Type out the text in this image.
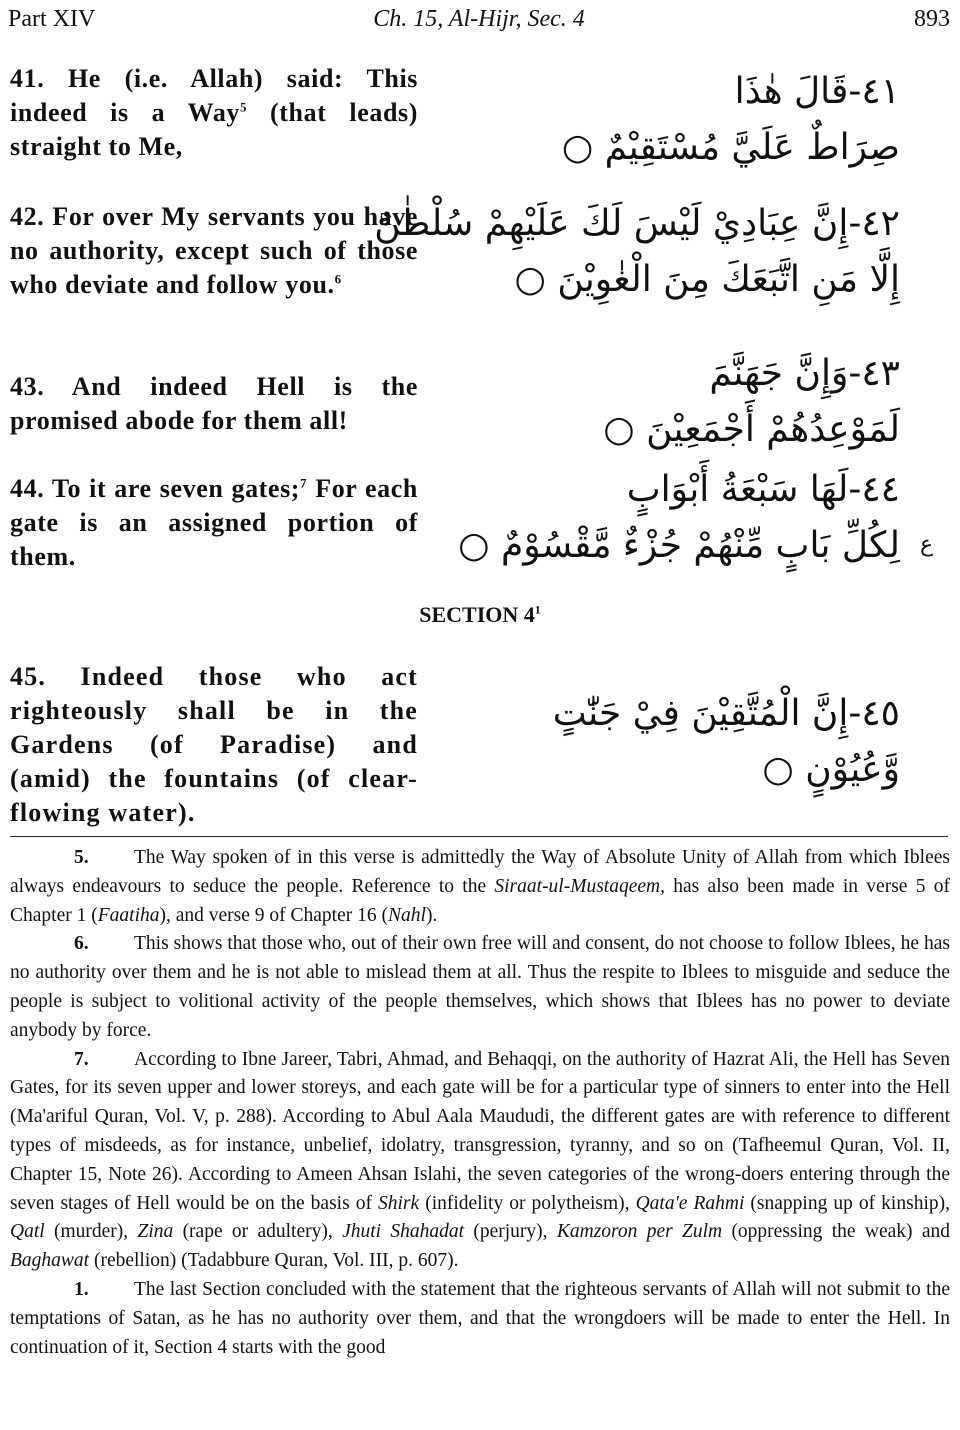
Part XIV	Ch. 15, Al-Hijr, Sec. 4	893
41. He (i.e. Allah) said: This indeed is a Way$^5$ (that leads) straight to Me,
٤١-قَالَ هٰذَا
صِرَاطٌ عَلَيَّ مُسْتَقِيْمٌ ○
42. For over My servants you have no authority, except such of those who deviate and follow you.$^6$
٤٢-إِنَّ عِبَادِيْ لَيْسَ لَكَ عَلَيْهِمْ سُلْطٰنٌ
إِلَّا مَنِ اتَّبَعَكَ مِنَ الْغٰوِيْنَ ○
43. And indeed Hell is the promised abode for them all!
٤٣-وَإِنَّ جَهَنَّمَ
لَمَوْعِدُهُمْ أَجْمَعِيْنَ ○
44. To it are seven gates;$^7$ For each gate is an assigned portion of them.
٤٤-لَهَا سَبْعَةُ أَبْوَابٍ
لِكُلِّ بَابٍ مِّنْهُمْ جُزْءٌ مَّقْسُوْمٌ ○ ع
SECTION $4^1$
45. Indeed those who act righteously shall be in the Gardens (of Paradise) and (amid) the fountains (of clear-flowing water).
٤٥-إِنَّ الْمُتَّقِيْنَ فِيْ جَنّٰتٍ
وَّعُيُوْنٍ ○

5. The Way spoken of in this verse is admittedly the Way of Absolute Unity of Allah from which Iblees always endeavours to seduce the people. Reference to the Siraat-ul-Mustaqeem, has also been made in verse 5 of Chapter 1 (Faatiha), and verse 9 of Chapter 16 (Nahl).

6. This shows that those who, out of their own free will and consent, do not choose to follow Iblees, he has no authority over them and he is not able to mislead them at all. Thus the respite to Iblees to misguide and seduce the people is subject to volitional activity of the people themselves, which shows that Iblees has no power to deviate anybody by force.

7. According to Ibne Jareer, Tabri, Ahmad, and Behaqqi, on the authority of Hazrat Ali, the Hell has Seven Gates, for its seven upper and lower storeys, and each gate will be for a particular type of sinners to enter into the Hell (Ma'ariful Quran, Vol. V, p. 288). According to Abul Aala Maududi, the different gates are with reference to different types of misdeeds, as for instance, unbelief, idolatry, transgression, tyranny, and so on (Tafheemul Quran, Vol. II, Chapter 15, Note 26). According to Ameen Ahsan Islahi, the seven categories of the wrong-doers entering through the seven stages of Hell would be on the basis of Shirk (infidelity or polytheism), Qata'e Rahmi (snapping up of kinship), Qatl (murder), Zina (rape or adultery), Jhuti Shahadat (perjury), Kamzoron per Zulm (oppressing the weak) and Baghawat (rebellion) (Tadabbure Quran, Vol. III, p. 607).

1. The last Section concluded with the statement that the righteous servants of Allah will not submit to the temptations of Satan, as he has no authority over them, and that the wrongdoers will be made to enter the Hell. In continuation of it, Section 4 starts with the good
